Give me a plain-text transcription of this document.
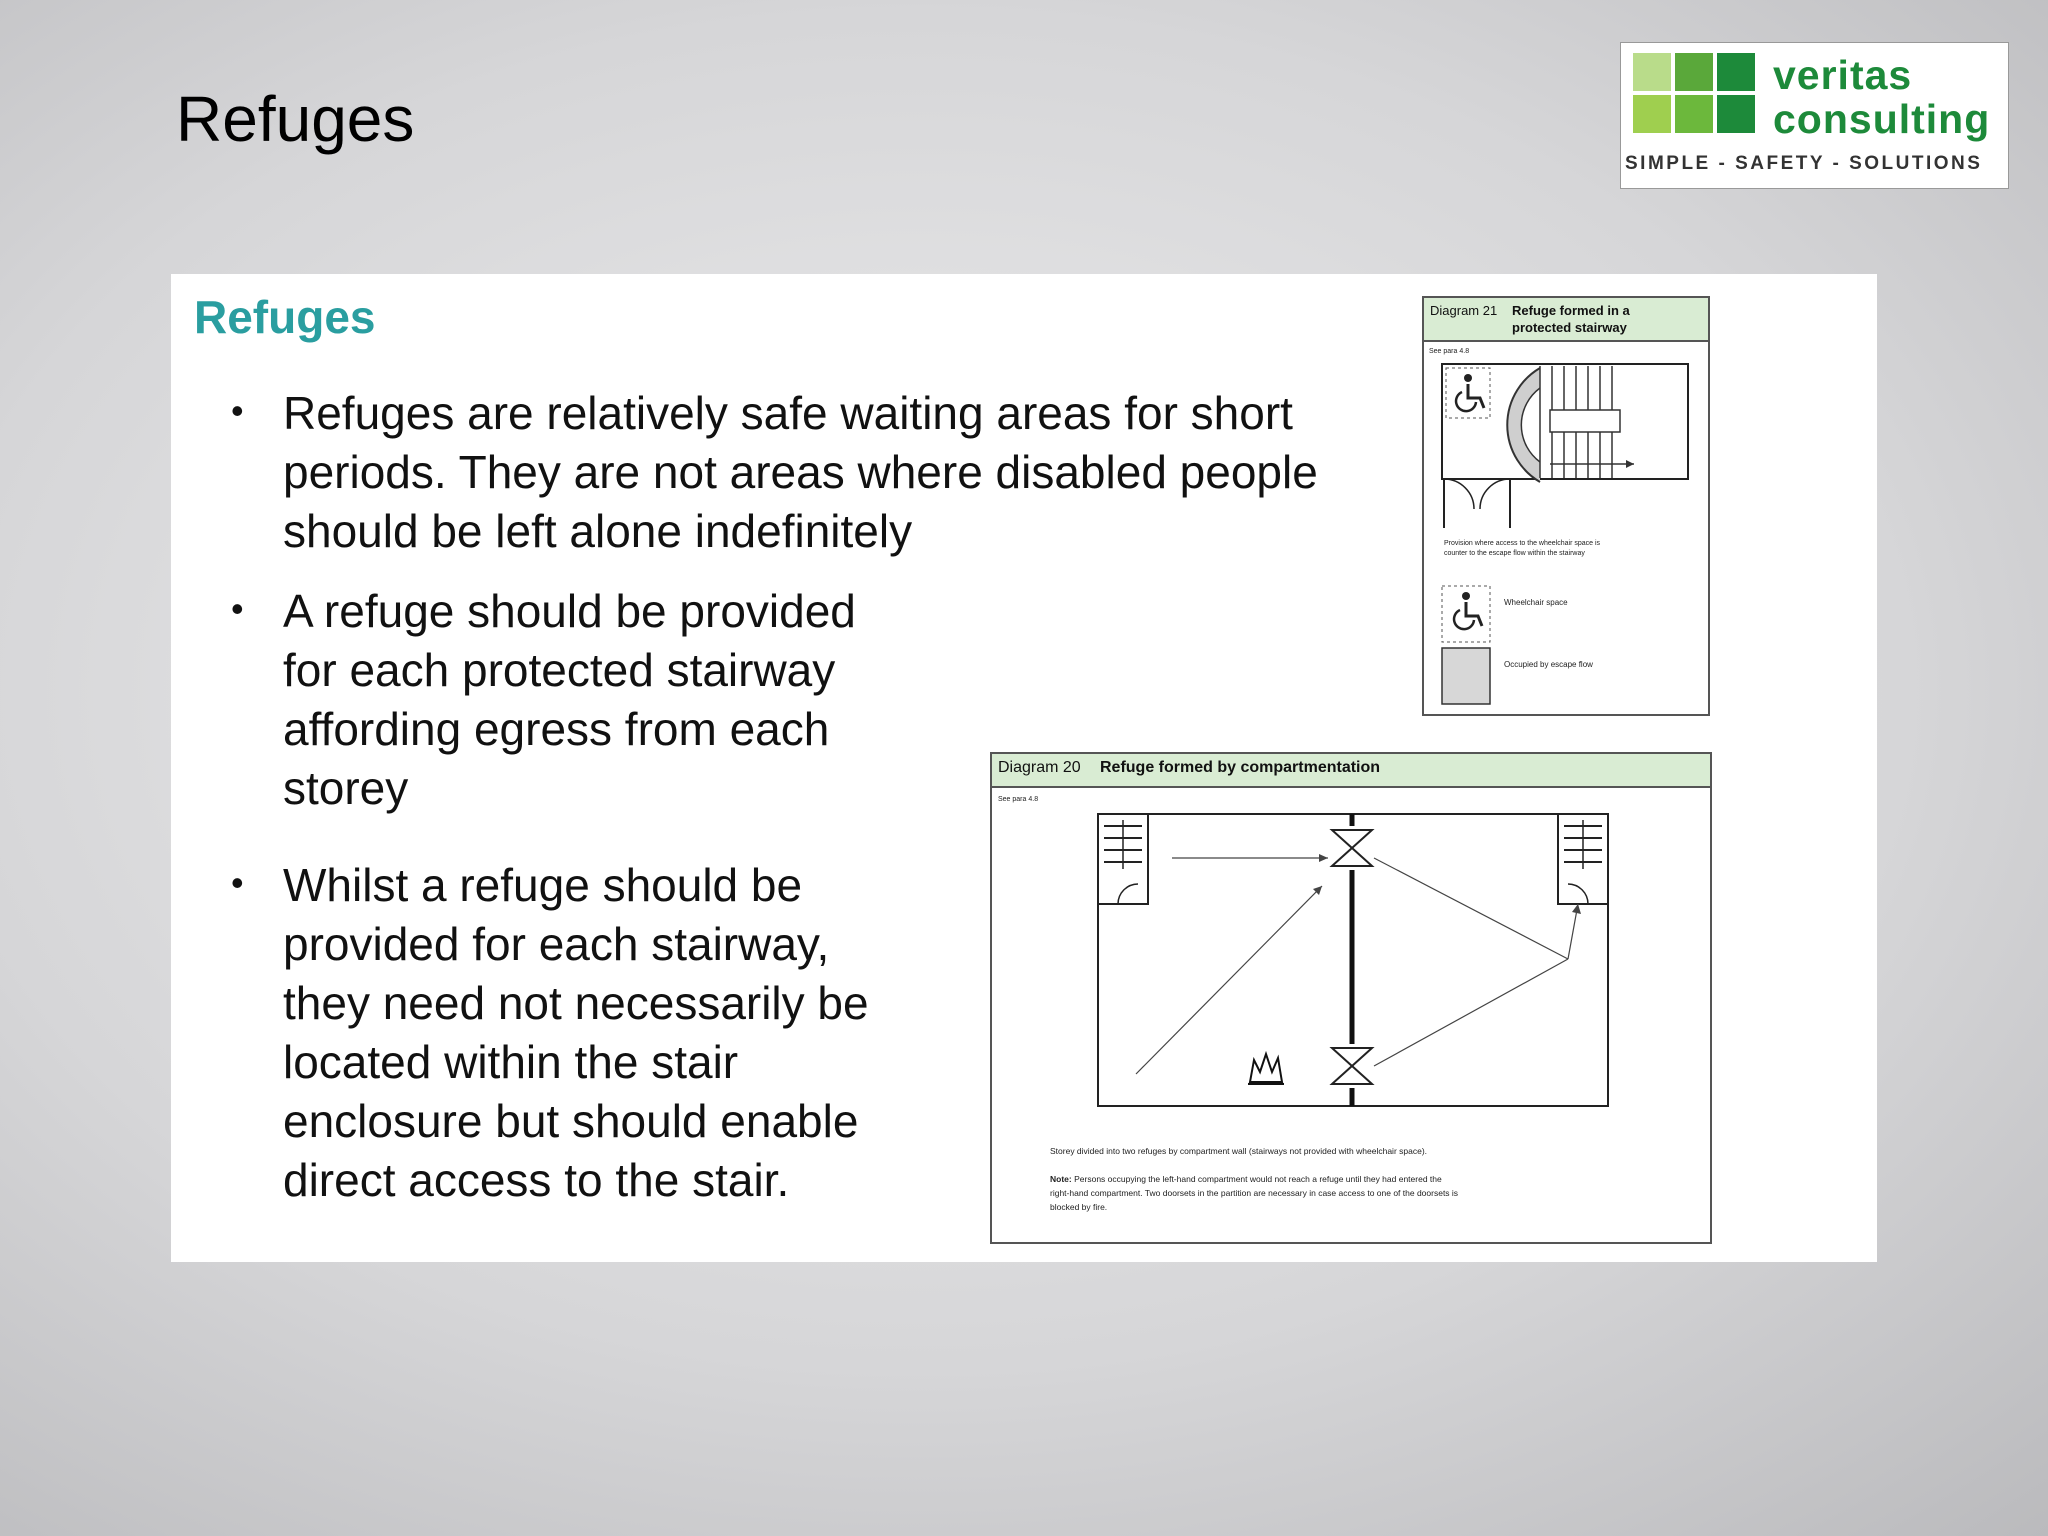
Refuges
veritas
consulting
SIMPLE - SAFETY - SOLUTIONS
Refuges
• Refuges are relatively safe waiting areas for short
periods. They are not areas where disabled people
should be left alone indefinitely
• A refuge should be provided
for each protected stairway
affording egress from each
storey
• Whilst a refuge should be
provided for each stairway,
they need not necessarily be
located within the stair
enclosure but should enable
direct access to the stair.
Diagram 21 Refuge formed in a
protected stairway
See para 4.8
Provision where access to the wheelchair space is
counter to the escape flow within the stairway
Wheelchair space
Occupied by escape flow
Diagram 20 Refuge formed by compartmentation
See para 4.8
Storey divided into two refuges by compartment wall (stairways not provided with wheelchair space).
Note: Persons occupying the left-hand compartment would not reach a refuge until they had entered the
right-hand compartment. Two doorsets in the partition are necessary in case access to one of the doorsets is
blocked by fire.
